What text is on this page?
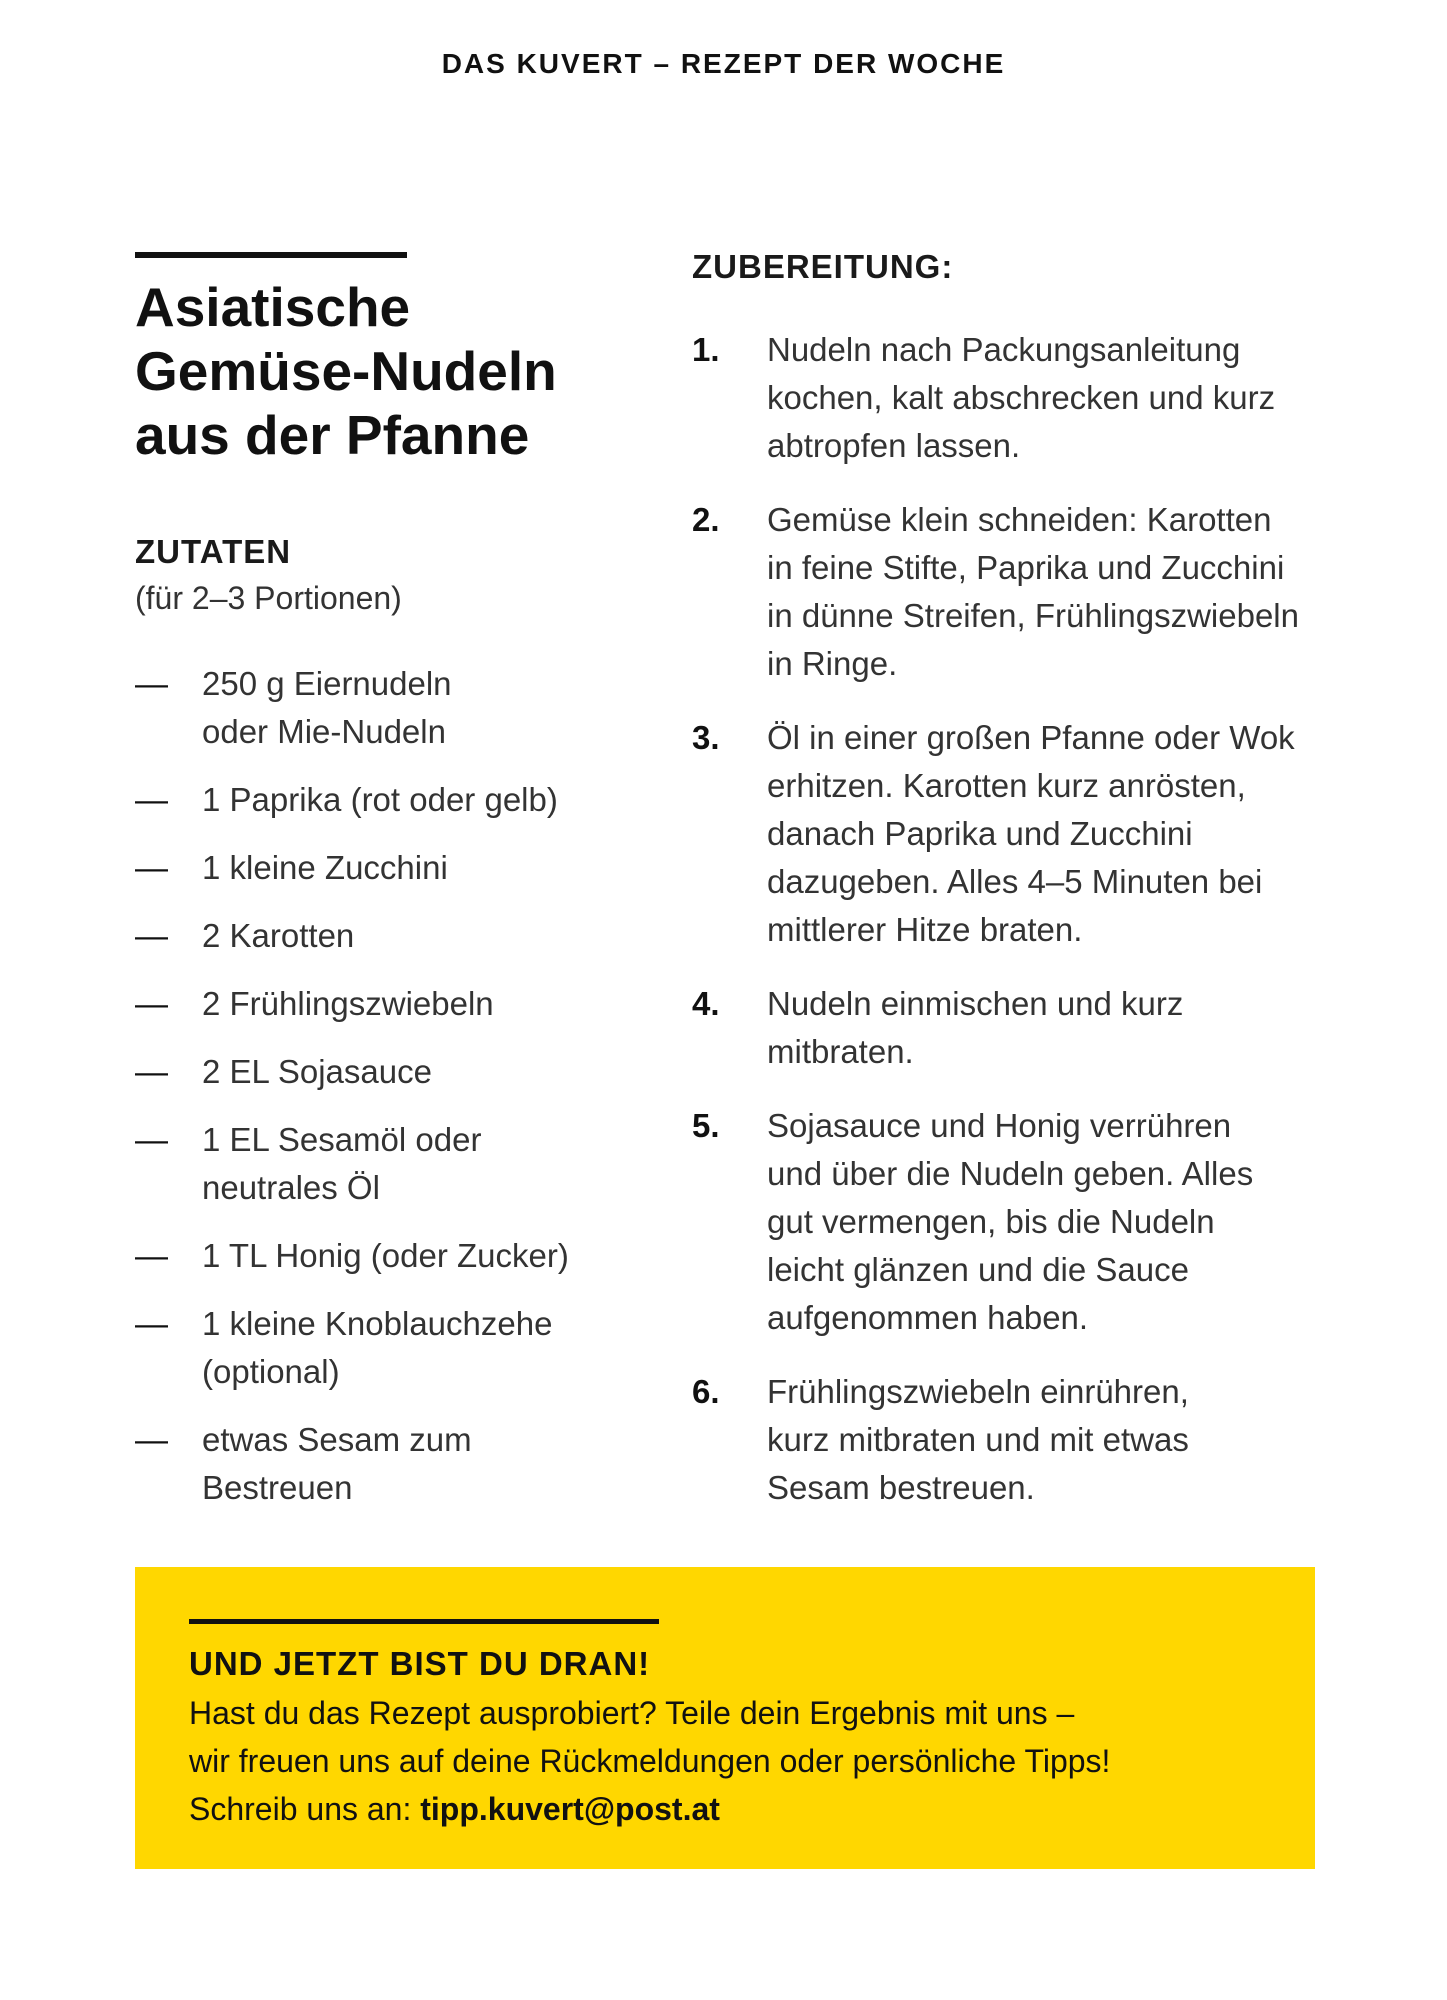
DAS KUVERT – REZEPT DER WOCHE
Asiatische
Gemüse-Nudeln
aus der Pfanne
ZUTATEN
(für 2–3 Portionen)
— 250 g Eiernudeln
oder Mie-Nudeln
— 1 Paprika (rot oder gelb)
— 1 kleine Zucchini
— 2 Karotten
— 2 Frühlingszwiebeln
— 2 EL Sojasauce
— 1 EL Sesamöl oder
neutrales Öl
— 1 TL Honig (oder Zucker)
— 1 kleine Knoblauchzehe
(optional)
— etwas Sesam zum
Bestreuen
ZUBEREITUNG:
1. Nudeln nach Packungsanleitung
kochen, kalt abschrecken und kurz
abtropfen lassen.
2. Gemüse klein schneiden: Karotten
in feine Stifte, Paprika und Zucchini
in dünne Streifen, Frühlingszwiebeln
in Ringe.
3. Öl in einer großen Pfanne oder Wok
erhitzen. Karotten kurz anrösten,
danach Paprika und Zucchini
dazugeben. Alles 4–5 Minuten bei
mittlerer Hitze braten.
4. Nudeln einmischen und kurz
mitbraten.
5. Sojasauce und Honig verrühren
und über die Nudeln geben. Alles
gut vermengen, bis die Nudeln
leicht glänzen und die Sauce
aufgenommen haben.
6. Frühlingszwiebeln einrühren,
kurz mitbraten und mit etwas
Sesam bestreuen.
UND JETZT BIST DU DRAN!
Hast du das Rezept ausprobiert? Teile dein Ergebnis mit uns –
wir freuen uns auf deine Rückmeldungen oder persönliche Tipps!
Schreib uns an: tipp.kuvert@post.at
